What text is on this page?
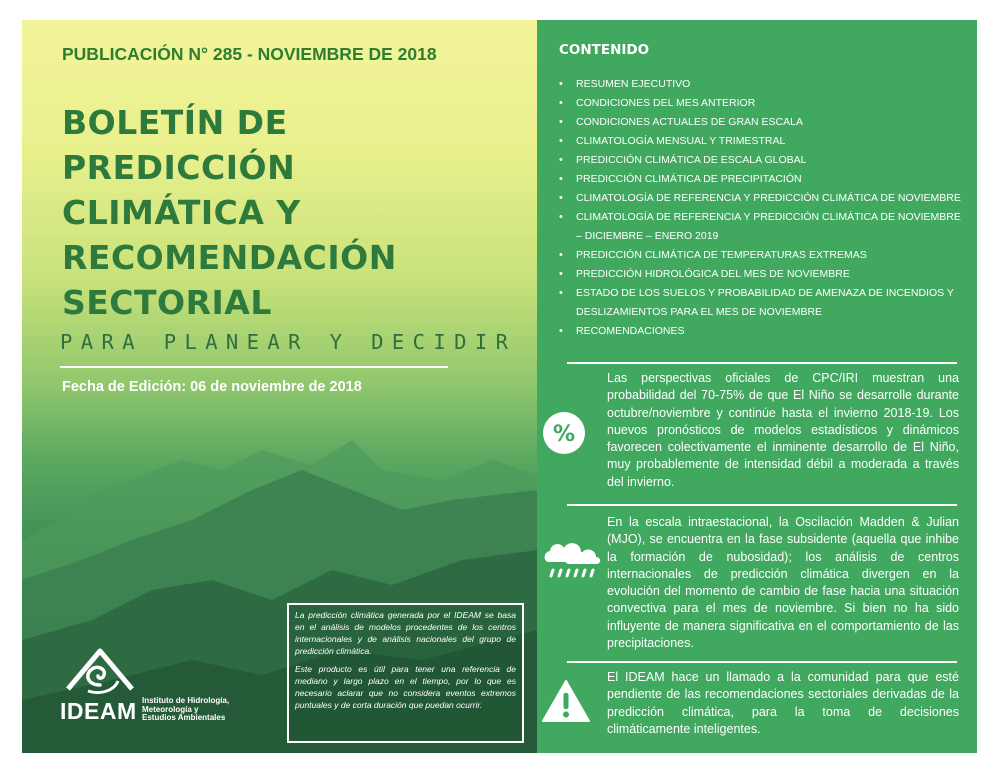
PUBLICACIÓN N° 285 - NOVIEMBRE DE 2018
BOLETÍN DE
PREDICCIÓN
CLIMÁTICA Y
RECOMENDACIÓN
SECTORIAL
PARA PLANEAR Y DECIDIR
Fecha de Edición: 06 de noviembre de 2018
IDEAM Instituto de Hidrología,
Meteorología y
Estudios Ambientales

La predicción climática generada por el IDEAM se basa en el análisis de modelos procedentes de los centros internacionales y de análisis nacionales del grupo de predicción climática.

Este producto es útil para tener una referencia de mediano y largo plazo en el tiempo, por lo que es necesario aclarar que no considera eventos extremos puntuales y de corta duración que puedan ocurrir.

CONTENIDO
• RESUMEN EJECUTIVO
• CONDICIONES DEL MES ANTERIOR
• CONDICIONES ACTUALES DE GRAN ESCALA
• CLIMATOLOGÍA MENSUAL Y TRIMESTRAL
• PREDICCIÓN CLIMÁTICA DE ESCALA GLOBAL
• PREDICCIÓN CLIMÁTICA DE PRECIPITACIÓN
• CLIMATOLOGÍA DE REFERENCIA Y PREDICCIÓN CLIMÁTICA DE NOVIEMBRE
• CLIMATOLOGÍA DE REFERENCIA Y PREDICCIÓN CLIMÁTICA DE NOVIEMBRE
– DICIEMBRE – ENERO 2019
• PREDICCIÓN CLIMÁTICA DE TEMPERATURAS EXTREMAS
• PREDICCIÓN HIDROLÓGICA DEL MES DE NOVIEMBRE
• ESTADO DE LOS SUELOS Y PROBABILIDAD DE AMENAZA DE INCENDIOS Y
DESLIZAMIENTOS PARA EL MES DE NOVIEMBRE
• RECOMENDACIONES
%
Las perspectivas oficiales de CPC/IRI muestran una probabilidad del 70-75% de que El Niño se desarrolle durante octubre/noviembre y continúe hasta el invierno 2018-19. Los nuevos pronósticos de modelos estadísticos y dinámicos favorecen colectivamente el inminente desarrollo de El Niño, muy probablemente de intensidad débil a moderada a través del invierno.
En la escala intraestacional, la Oscilación Madden & Julian (MJO), se encuentra en la fase subsidente (aquella que inhibe la formación de nubosidad); los análisis de centros internacionales de predicción climática divergen en la evolución del momento de cambio de fase hacia una situación convectiva para el mes de noviembre. Si bien no ha sido influyente de manera significativa en el comportamiento de las precipitaciones.
El IDEAM hace un llamado a la comunidad para que esté pendiente de las recomendaciones sectoriales derivadas de la predicción climática, para la toma de decisiones climáticamente inteligentes.
